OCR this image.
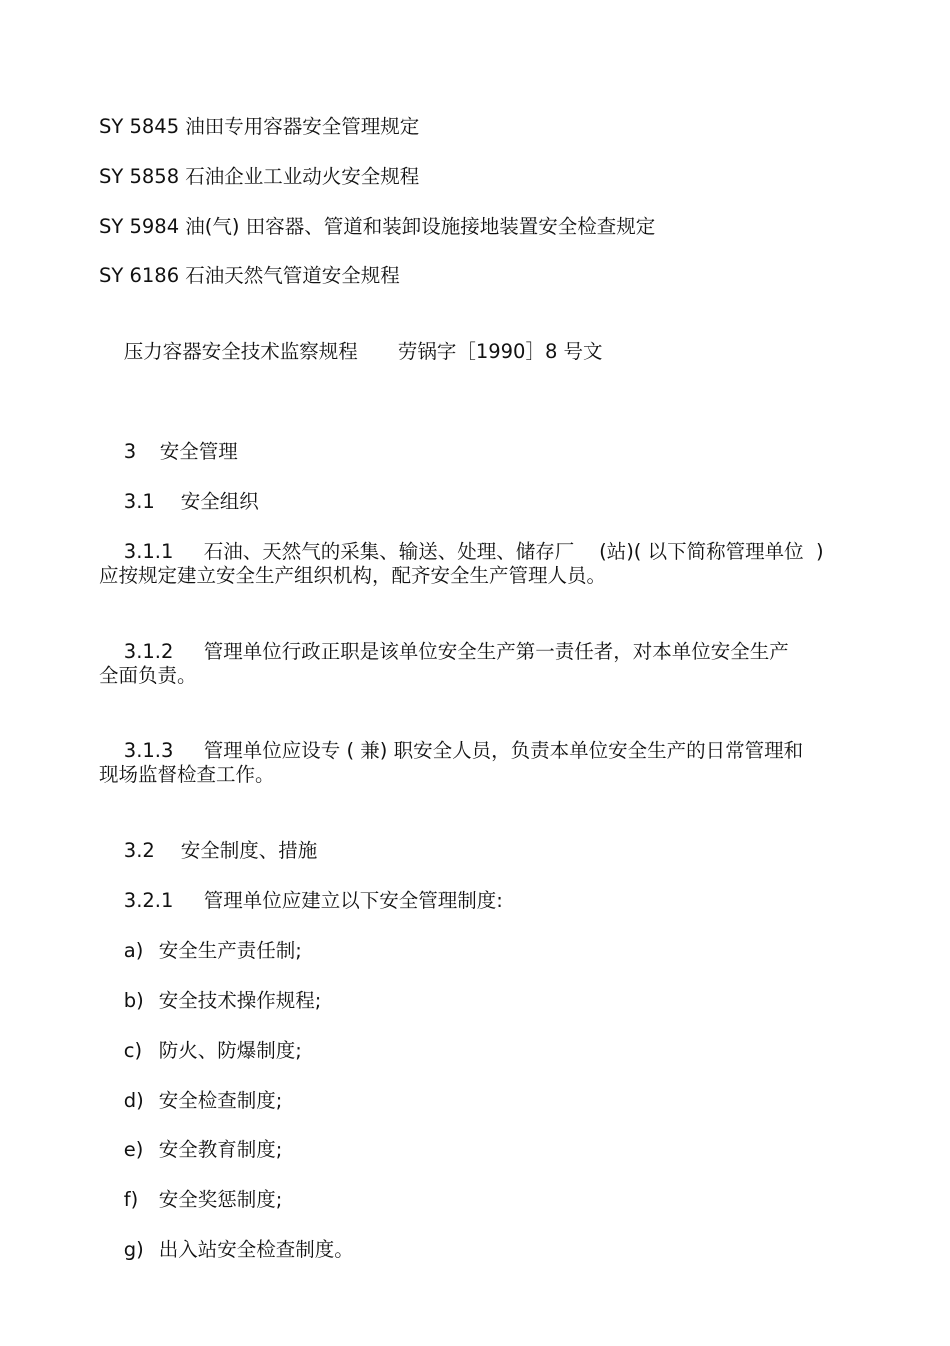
SY 5845 油田专用容器安全管理规定
SY 5858 石油企业工业动火安全规程
SY 5984 油(气) 田容器、管道和装卸设施接地装置安全检查规定
SY 6186 石油天然气管道安全规程

压力容器安全技术监察规程 劳锅字［1990］8 号文

3 安全管理

3.1 安全组织

3.1.1 石油、天然气的采集、输送、处理、储存厂    (站)( 以下简称管理单位  )

应按规定建立安全生产组织机构，配齐安全生产管理人员。

3.1.2 管理单位行政正职是该单位安全生产第一责任者，对本单位安全生产

全面负责。

3.1.3 管理单位应设专 ( 兼) 职安全人员，负责本单位安全生产的日常管理和

现场监督检查工作。

3.2 安全制度、措施

3.2.1 管理单位应建立以下安全管理制度:

a) 安全生产责任制;

b) 安全技术操作规程;

c) 防火、防爆制度;

d) 安全检查制度;

e) 安全教育制度;

f) 安全奖惩制度;

g) 出入站安全检查制度。
